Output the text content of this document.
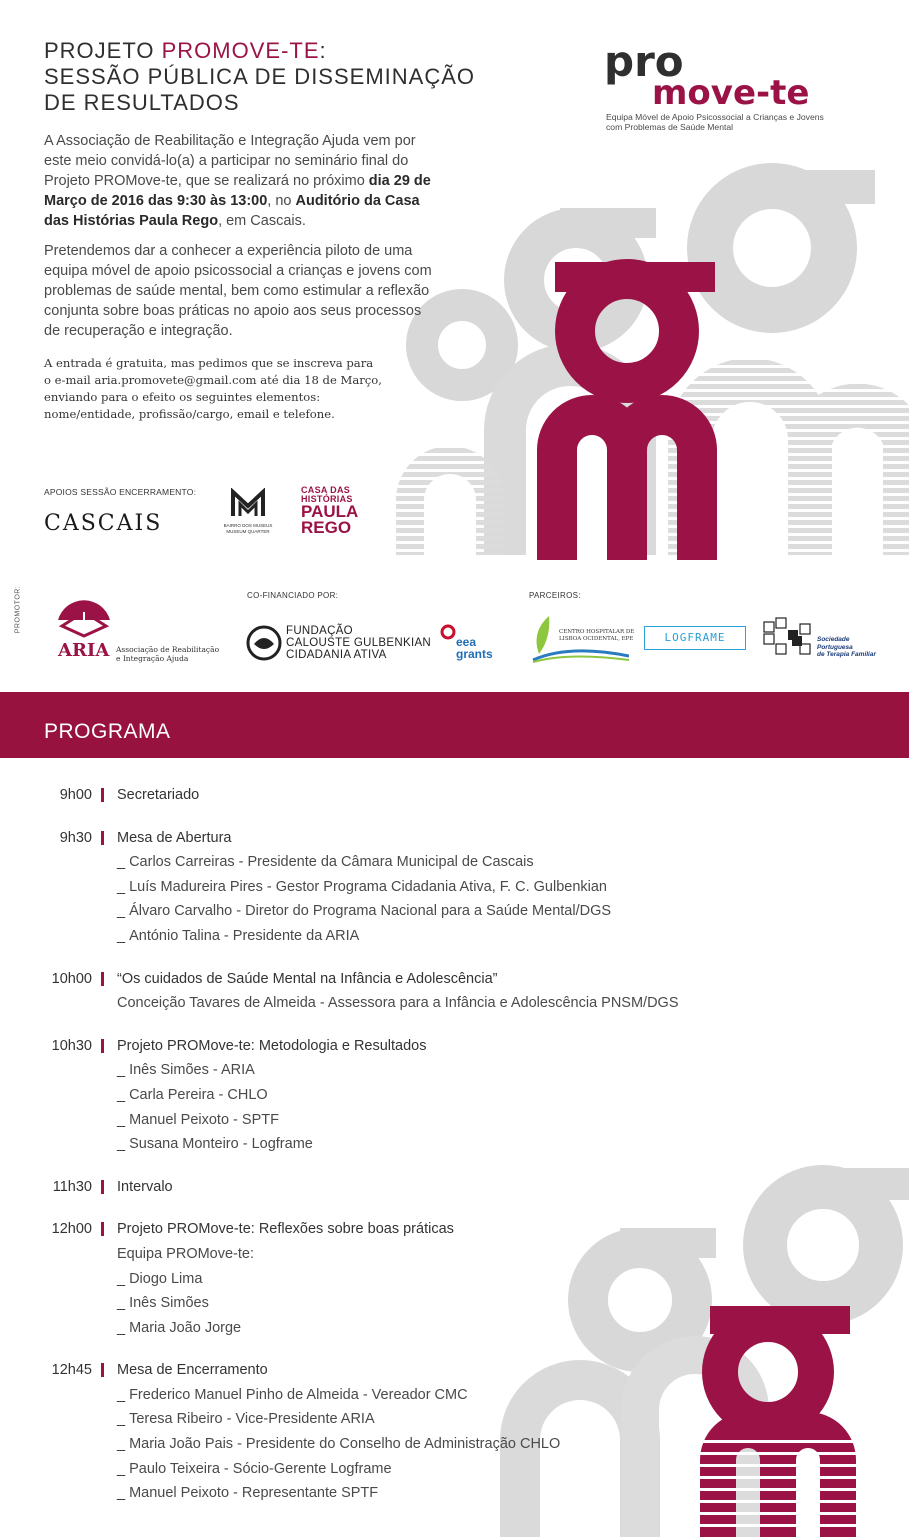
PROJETO PROMOVE-TE:
SESSÃO PÚBLICA DE DISSEMINAÇÃO
DE RESULTADOS
pro
move-te
Equipa Móvel de Apoio Psicossocial a Crianças e Jovens
com Problemas de Saúde Mental

A Associação de Reabilitação e Integração Ajuda vem por este meio convidá-lo(a) a participar no seminário final do Projeto PROMove-te, que se realizará no próximo dia 29 de Março de 2016 das 9:30 às 13:00, no Auditório da Casa das Histórias Paula Rego, em Cascais.

Pretendemos dar a conhecer a experiência piloto de uma equipa móvel de apoio psicossocial a crianças e jovens com problemas de saúde mental, bem como estimular a reflexão conjunta sobre boas práticas no apoio aos seus processos de recuperação e integração.

A entrada é gratuita, mas pedimos que se inscreva para
o e-mail aria.promovete@gmail.com até dia 18 de Março,
enviando para o efeito os seguintes elementos:
nome/entidade, profissão/cargo, email e telefone.
APOIOS SESSÃO ENCERRAMENTO:
CASCAIS	BAIRRO DOS MUSEUS
MUSEUM QUARTER
CASA DAS
HISTÓRIAS
PAULA
REGO
PROMOTOR:
ARIA Associação de Reabilitação
e Integração Ajuda
CO-FINANCIADO POR:
FUNDAÇÃO
CALOUSTE GULBENKIAN
CIDADANIA ATIVA
eea
grants
PARCEIROS:
CENTRO HOSPITALAR DE
LISBOA OCIDENTAL, EPE	LOGFRAME	Sociedade
Portuguesa
de Terapia Familiar
PROGRAMA
9h00 Secretariado
9h30 Mesa de Abertura
_ Carlos Carreiras - Presidente da Câmara Municipal de Cascais
_ Luís Madureira Pires - Gestor Programa Cidadania Ativa, F. C. Gulbenkian
_ Álvaro Carvalho - Diretor do Programa Nacional para a Saúde Mental/DGS
_ António Talina - Presidente da ARIA
10h00 “Os cuidados de Saúde Mental na Infância e Adolescência”
Conceição Tavares de Almeida - Assessora para a Infância e Adolescência PNSM/DGS
10h30 Projeto PROMove-te: Metodologia e Resultados
_ Inês Simões - ARIA
_ Carla Pereira - CHLO
_ Manuel Peixoto - SPTF
_ Susana Monteiro - Logframe
11h30 Intervalo
12h00 Projeto PROMove-te: Reflexões sobre boas práticas
Equipa PROMove-te:
_ Diogo Lima
_ Inês Simões
_ Maria João Jorge
12h45 Mesa de Encerramento
_ Frederico Manuel Pinho de Almeida - Vereador CMC
_ Teresa Ribeiro - Vice-Presidente ARIA
_ Maria João Pais - Presidente do Conselho de Administração CHLO
_ Paulo Teixeira - Sócio-Gerente Logframe
_ Manuel Peixoto - Representante SPTF
